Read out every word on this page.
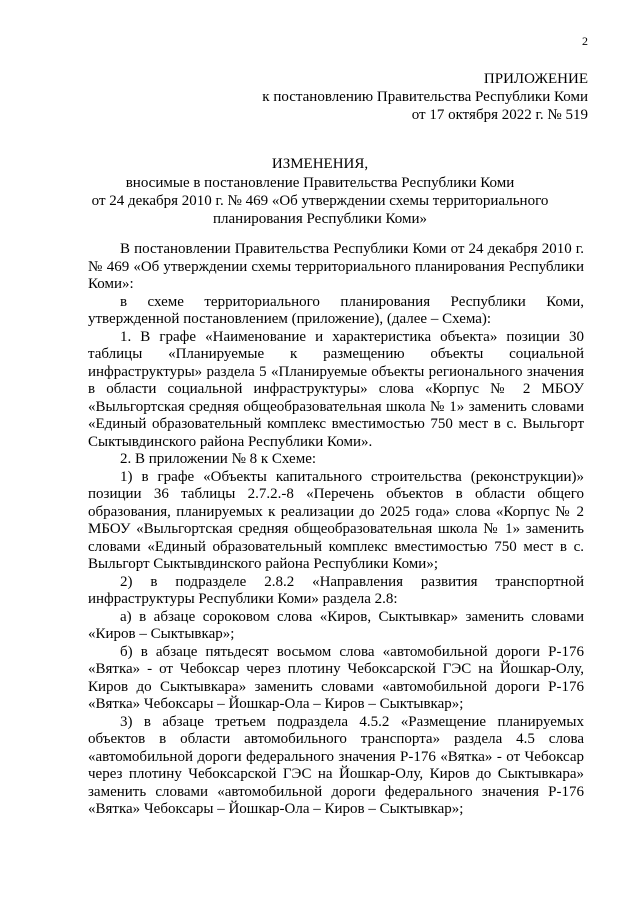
2
ПРИЛОЖЕНИЕ
к постановлению Правительства Республики Коми
от 17 октября 2022 г. № 519
ИЗМЕНЕНИЯ,
вносимые в постановление Правительства Республики Коми
от 24 декабря 2010 г. № 469 «Об утверждении схемы территориального
планирования Республики Коми»

В постановлении Правительства Республики Коми от 24 декабря 2010 г. № 469 «Об утверждении схемы территориального планирования Республики Коми»:

в схеме территориального планирования Республики Коми, утвержденной постановлением (приложение), (далее – Схема):

1. В графе «Наименование и характеристика объекта» позиции 30 таблицы «Планируемые к размещению объекты социальной инфраструктуры» раздела 5 «Планируемые объекты регионального значения в области социальной инфраструктуры» слова «Корпус № 2 МБОУ «Выльгортская средняя общеобразовательная школа № 1» заменить словами «Единый образовательный комплекс вместимостью 750 мест в с. Выльгорт Сыктывдинского района Республики Коми».

2. В приложении № 8 к Схеме:

1) в графе «Объекты капитального строительства (реконструкции)» позиции 36 таблицы 2.7.2.-8 «Перечень объектов в области общего образования, планируемых к реализации до 2025 года» слова «Корпус № 2 МБОУ «Выльгортская средняя общеобразовательная школа № 1» заменить словами «Единый образовательный комплекс вместимостью 750 мест в с. Выльгорт Сыктывдинского района Республики Коми»;

2) в подразделе 2.8.2 «Направления развития транспортной инфраструктуры Республики Коми» раздела 2.8:

а) в абзаце сороковом слова «Киров, Сыктывкар» заменить словами «Киров – Сыктывкар»;

б) в абзаце пятьдесят восьмом слова «автомобильной дороги Р-176 «Вятка» - от Чебоксар через плотину Чебоксарской ГЭС на Йошкар-Олу, Киров до Сыктывкара» заменить словами «автомобильной дороги Р-176 «Вятка» Чебоксары – Йошкар-Ола – Киров – Сыктывкар»;

3) в абзаце третьем подраздела 4.5.2 «Размещение планируемых объектов в области автомобильного транспорта» раздела 4.5 слова «автомобильной дороги федерального значения Р-176 «Вятка» - от Чебоксар через плотину Чебоксарской ГЭС на Йошкар-Олу, Киров до Сыктывкара» заменить словами «автомобильной дороги федерального значения Р-176 «Вятка» Чебоксары – Йошкар-Ола – Киров – Сыктывкар»;
